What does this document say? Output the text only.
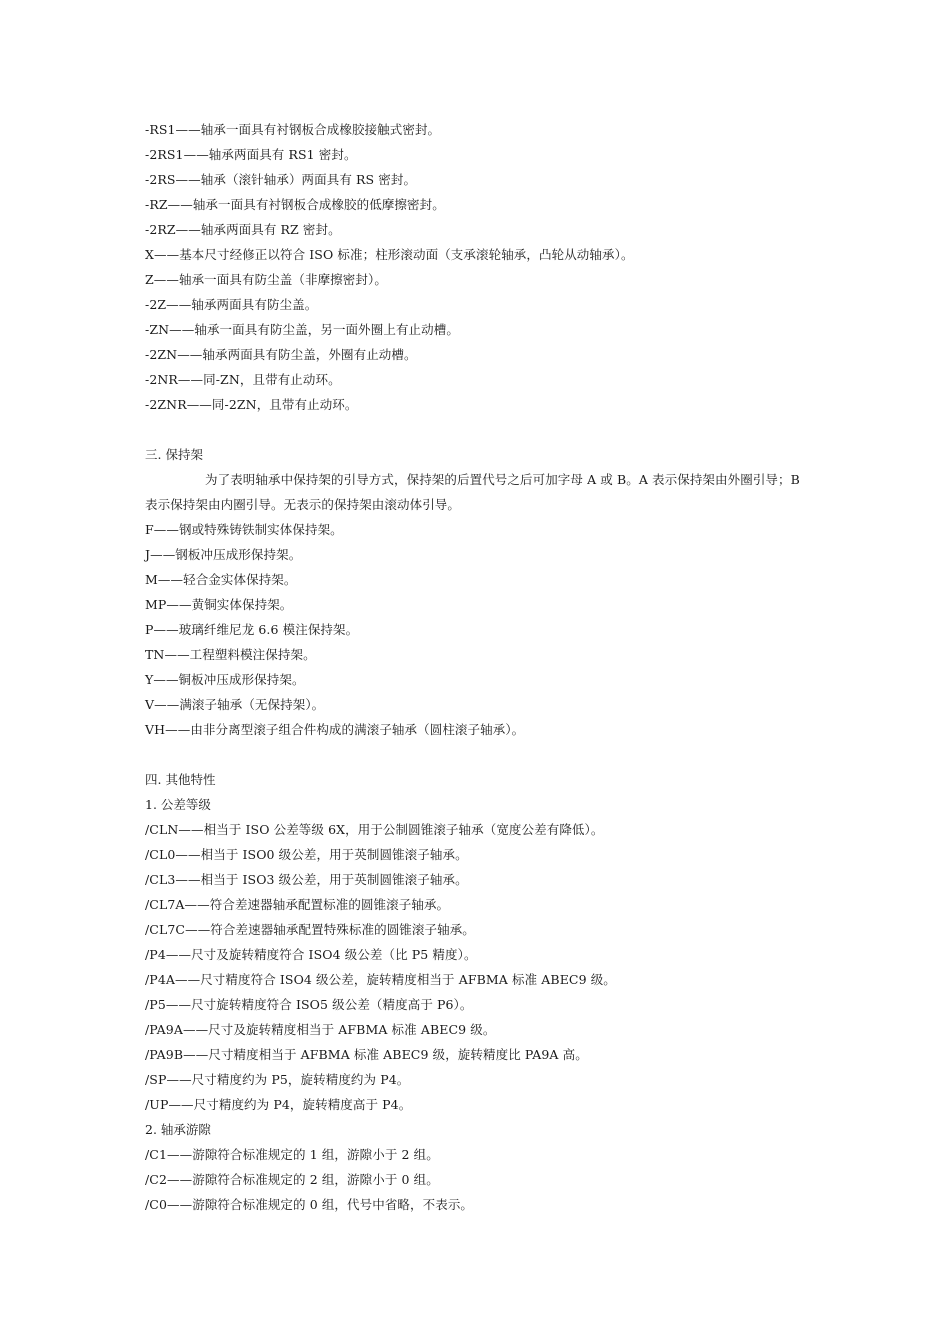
-RS1——轴承一面具有衬钢板合成橡胶接触式密封。
-2RS1——轴承两面具有 RS1 密封。
-2RS——轴承（滚针轴承）两面具有 RS 密封。
-RZ——轴承一面具有衬钢板合成橡胶的低摩擦密封。
-2RZ——轴承两面具有 RZ 密封。
X——基本尺寸经修正以符合 ISO 标准；柱形滚动面（支承滚轮轴承，凸轮从动轴承）。
Z——轴承一面具有防尘盖（非摩擦密封）。
-2Z——轴承两面具有防尘盖。
-ZN——轴承一面具有防尘盖，另一面外圈上有止动槽。
-2ZN——轴承两面具有防尘盖，外圈有止动槽。
-2NR——同-ZN，且带有止动环。
-2ZNR——同-2ZN，且带有止动环。
三. 保持架
为了表明轴承中保持架的引导方式，保持架的后置代号之后可加字母 A 或 B。A 表示保持架由外圈引导；B 表示保持架由内圈引导。无表示的保持架由滚动体引导。
F——钢或特殊铸铁制实体保持架。
J——钢板冲压成形保持架。
M——轻合金实体保持架。
MP——黄铜实体保持架。
P——玻璃纤维尼龙 6.6 模注保持架。
TN——工程塑料模注保持架。
Y——铜板冲压成形保持架。
V——满滚子轴承（无保持架）。
VH——由非分离型滚子组合件构成的满滚子轴承（圆柱滚子轴承）。
四. 其他特性
1. 公差等级
/CLN——相当于 ISO 公差等级 6X，用于公制圆锥滚子轴承（宽度公差有降低）。
/CL0——相当于 ISO0 级公差，用于英制圆锥滚子轴承。
/CL3——相当于 ISO3 级公差，用于英制圆锥滚子轴承。
/CL7A——符合差速器轴承配置标准的圆锥滚子轴承。
/CL7C——符合差速器轴承配置特殊标准的圆锥滚子轴承。
/P4——尺寸及旋转精度符合 ISO4 级公差（比 P5 精度）。
/P4A——尺寸精度符合 ISO4 级公差，旋转精度相当于 AFBMA 标准 ABEC9 级。
/P5——尺寸旋转精度符合 ISO5 级公差（精度高于 P6）。
/PA9A——尺寸及旋转精度相当于 AFBMA 标准 ABEC9 级。
/PA9B——尺寸精度相当于 AFBMA 标准 ABEC9 级，旋转精度比 PA9A 高。
/SP——尺寸精度约为 P5，旋转精度约为 P4。
/UP——尺寸精度约为 P4，旋转精度高于 P4。
2. 轴承游隙
/C1——游隙符合标准规定的 1 组，游隙小于 2 组。
/C2——游隙符合标准规定的 2 组，游隙小于 0 组。
/C0——游隙符合标准规定的 0 组，代号中省略，不表示。
